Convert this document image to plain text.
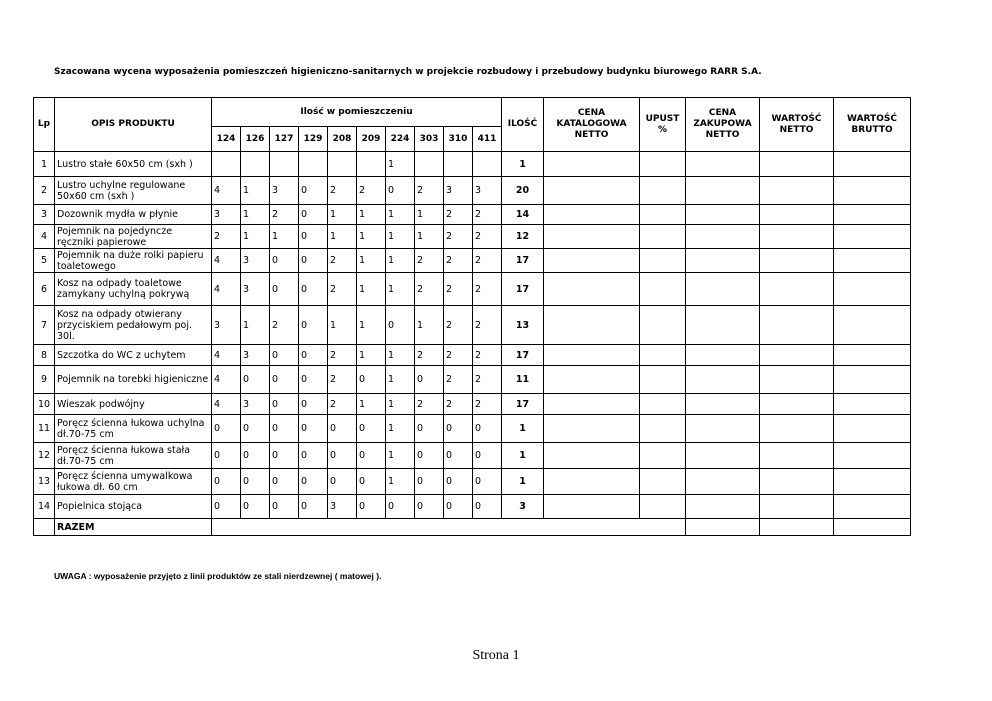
Szacowana wycena wyposażenia pomieszczeń higieniczno-sanitarnych w projekcie rozbudowy i przebudowy budynku biurowego RARR S.A.
Lp	OPIS PRODUKTU	Ilość w pomieszczeniu										ILOŚĆ	CENA KATALOGOWA NETTO	UPUST %	CENA ZAKUPOWA NETTO	WARTOŚĆ NETTO	WARTOŚĆ BRUTTO
		124	126	127	129	208	209	224	303	310	411						
1	Lustro stałe 60x50 cm (sxh )							1				1					
2	Lustro uchylne regulowane 50x60 cm (sxh )	4	1	3	0	2	2	0	2	3	3	20					
3	Dozownik mydła w płynie	3	1	2	0	1	1	1	1	2	2	14					
4	Pojemnik na pojedyncze ręczniki papierowe	2	1	1	0	1	1	1	1	2	2	12					
5	Pojemnik na duże rolki papieru toaletowego	4	3	0	0	2	1	1	2	2	2	17					
6	Kosz na odpady toaletowe zamykany uchylną pokrywą	4	3	0	0	2	1	1	2	2	2	17					
7	Kosz na odpady otwierany przyciskiem pedałowym poj. 30l.	3	1	2	0	1	1	0	1	2	2	13					
8	Szczotka do WC z uchytem	4	3	0	0	2	1	1	2	2	2	17					
9	Pojemnik na torebki higieniczne	4	0	0	0	2	0	1	0	2	2	11					
10	Wieszak podwójny	4	3	0	0	2	1	1	2	2	2	17					
11	Poręcz ścienna łukowa uchylna dł.70-75 cm	0	0	0	0	0	0	1	0	0	0	1					
12	Poręcz ścienna łukowa stała dł.70-75 cm	0	0	0	0	0	0	1	0	0	0	1					
13	Poręcz ścienna umywalkowa łukowa dł. 60 cm	0	0	0	0	0	0	1	0	0	0	1					
14	Popielnica stojąca	0	0	0	0	3	0	0	0	0	0	3					
	RAZEM																
UWAGA : wyposażenie przyjęto z linii produktów ze stali nierdzewnej ( matowej ).
Strona 1
